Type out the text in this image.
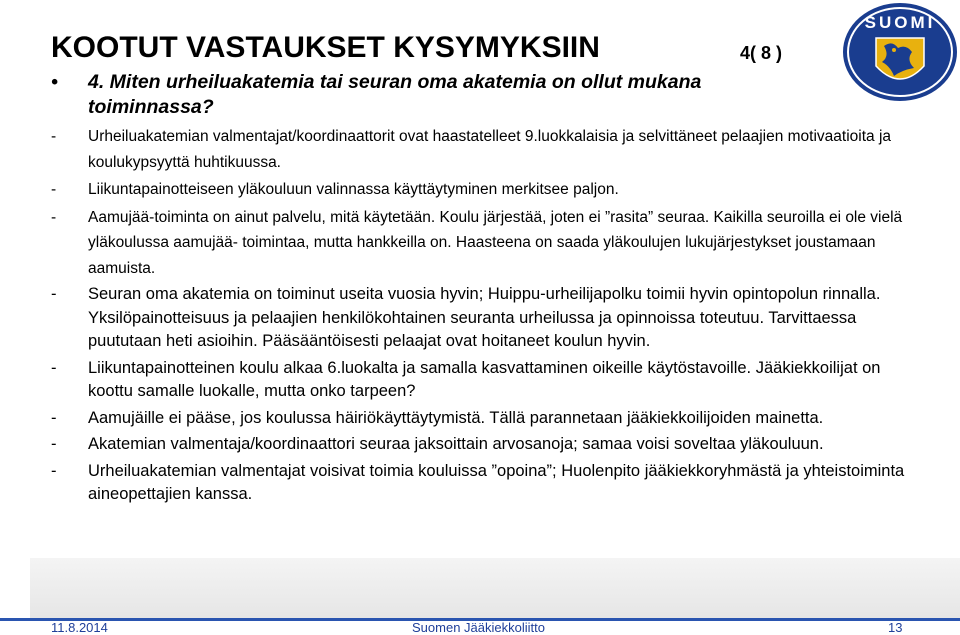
KOOTUT VASTAUKSET KYSYMYKSIIN	4( 8 )
SUOMI
•	4. Miten urheiluakatemia tai seuran oma akatemia on ollut mukana toiminnassa?
- Urheiluakatemian valmentajat/koordinaattorit ovat haastatelleet 9.luokkalaisia ja selvittäneet pelaajien motivaatioita ja koulukypsyyttä huhtikuussa.
- Liikuntapainotteiseen yläkouluun valinnassa käyttäytyminen merkitsee paljon.
- Aamujää-toiminta on ainut palvelu, mitä käytetään. Koulu järjestää, joten ei ”rasita” seuraa. Kaikilla seuroilla ei ole vielä yläkoulussa aamujää- toimintaa, mutta hankkeilla on. Haasteena on saada yläkoulujen lukujärjestykset joustamaan aamuista.
- Seuran oma akatemia on toiminut useita vuosia hyvin; Huippu-urheilijapolku toimii hyvin opintopolun rinnalla. Yksilöpainotteisuus ja pelaajien henkilökohtainen seuranta urheilussa ja opinnoissa toteutuu. Tarvittaessa puututaan heti asioihin. Pääsääntöisesti pelaajat ovat hoitaneet koulun hyvin.
- Liikuntapainotteinen koulu alkaa 6.luokalta ja samalla kasvattaminen oikeille käytöstavoille. Jääkiekkoilijat on koottu samalle luokalle, mutta onko tarpeen?
- Aamujäille ei pääse, jos koulussa häiriökäyttäytymistä. Tällä parannetaan jääkiekkoilijoiden mainetta.
- Akatemian valmentaja/koordinaattori seuraa jaksoittain arvosanoja; samaa voisi soveltaa yläkouluun.
- Urheiluakatemian valmentajat voisivat toimia kouluissa ”opoina”; Huolenpito jääkiekkoryhmästä ja yhteistoiminta aineopettajien kanssa.
11.8.2014	Suomen Jääkiekkoliitto	13
